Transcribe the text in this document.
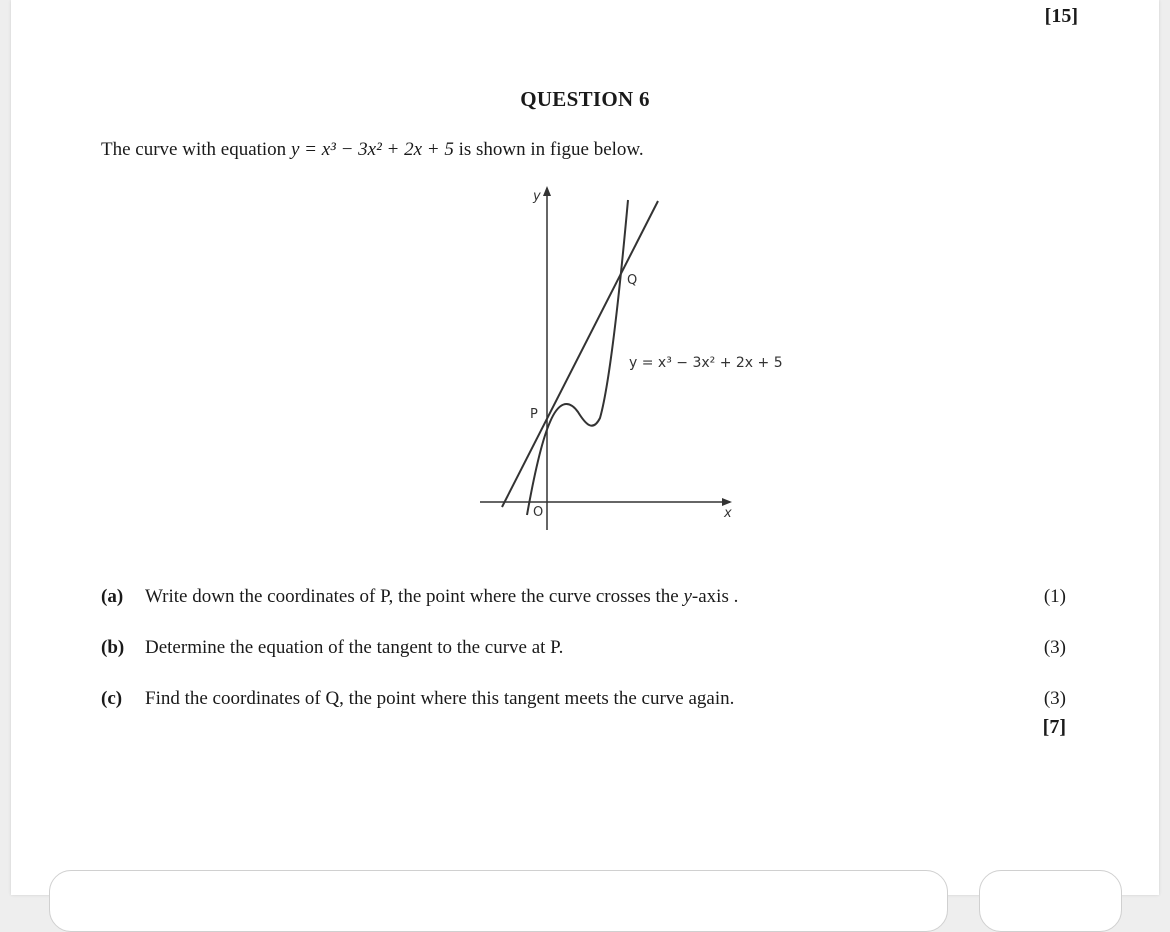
[15]
QUESTION 6
The curve with equation y = x³ − 3x² + 2x + 5 is shown in figue below.
y
x
O
P
Q
y = x³ − 3x² + 2x + 5
(a) Write down the coordinates of P, the point where the curve crosses the y-axis .	(1)
(b) Determine the equation of the tangent to the curve at P.	(3)
(c) Find the coordinates of Q, the point where this tangent meets the curve again.	(3)
[7]
